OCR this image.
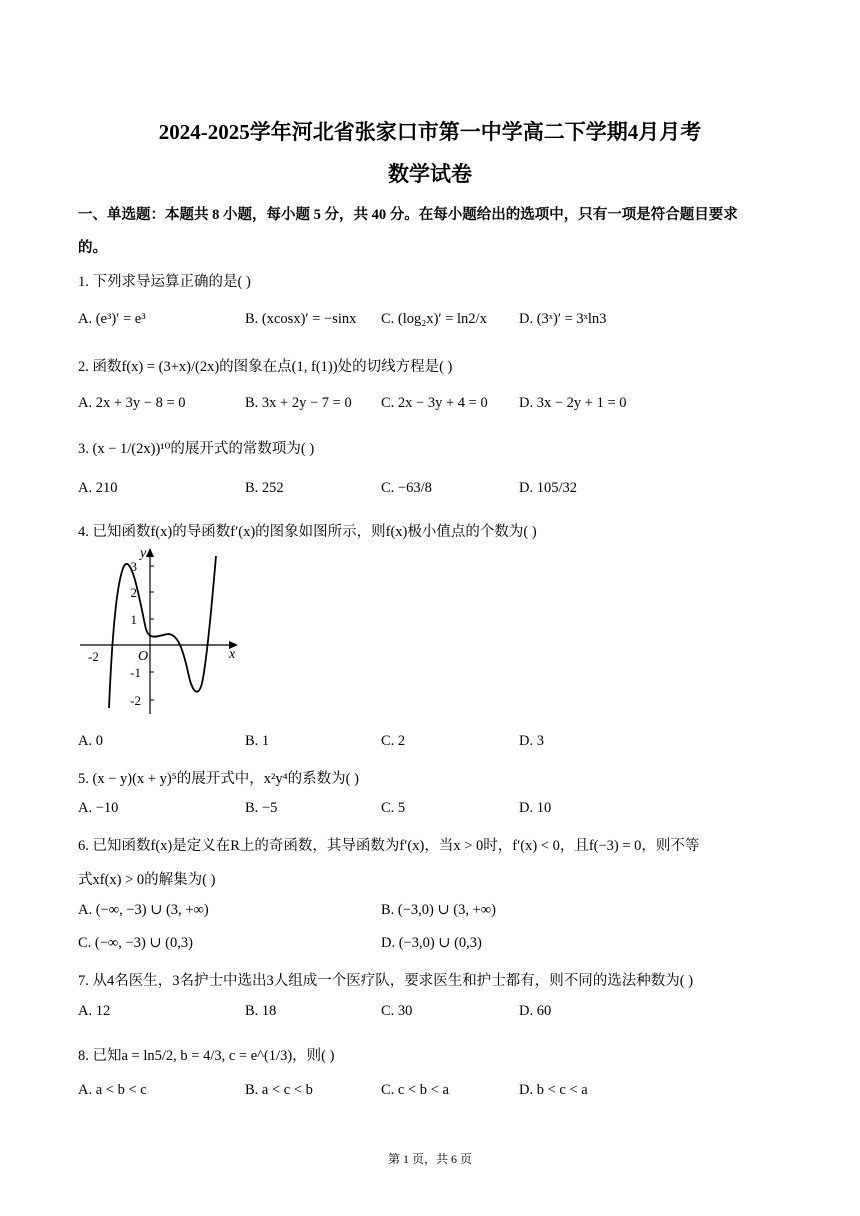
2024-2025学年河北省张家口市第一中学高二下学期4月月考
数学试卷
一、单选题：本题共 8 小题，每小题 5 分，共 40 分。在每小题给出的选项中，只有一项是符合题目要求
的。
1. 下列求导运算正确的是( )
A. (e³)′ = e³	B. (xcosx)′ = −sinx C. (log₂x)′ = ln2/x D. (3ˣ)′ = 3ˣln3
2. 函数f(x) = (3+x)/(2x)的图象在点(1, f(1))处的切线方程是( )
A. 2x + 3y − 8 = 0	B. 3x + 2y − 7 = 0 C. 2x − 3y + 4 = 0 D. 3x − 2y + 1 = 0
3. (x − 1/(2x))¹⁰的展开式的常数项为( )
A. 210	B. 252	C. −63/8	D. 105/32
4. 已知函数f(x)的导函数f′(x)的图象如图所示，则f(x)极小值点的个数为( )
y
x
O
3
2
1
-1
-2
-2
A. 0	B. 1	C. 2	D. 3
5. (x − y)(x + y)⁵的展开式中，x²y⁴的系数为( )
A. −10	B. −5	C. 5	D. 10
6. 已知函数f(x)是定义在R上的奇函数，其导函数为f′(x)，当x > 0时，f′(x) < 0，且f(−3) = 0，则不等
式xf(x) > 0的解集为( )
A. (−∞, −3) ∪ (3, +∞)	B. (−3,0) ∪ (3, +∞)
C. (−∞, −3) ∪ (0,3)	D. (−3,0) ∪ (0,3)
7. 从4名医生，3名护士中选出3人组成一个医疗队，要求医生和护士都有，则不同的选法种数为( )
A. 12	B. 18	C. 30	D. 60
8. 已知a = ln5/2, b = 4/3, c = e^(1/3)，则( )
A. a < b < c	B. a < c < b	C. c < b < a	D. b < c < a
第 1 页，共 6 页
